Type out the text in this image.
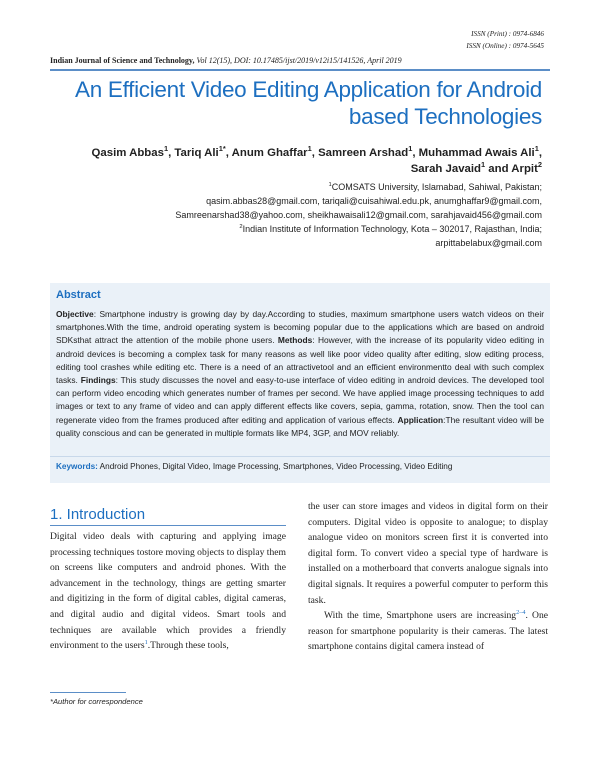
ISSN (Print) : 0974-6846
ISSN (Online) : 0974-5645
Indian Journal of Science and Technology, Vol 12(15), DOI: 10.17485/ijst/2019/v12i15/141526, April 2019
An Efficient Video Editing Application for Android
based Technologies
Qasim Abbas$^1$, Tariq Ali$^{1*}$, Anum Ghaffar$^1$, Samreen Arshad$^1$, Muhammad Awais Ali$^1$,
Sarah Javaid$^1$ and Arpit$^2$
$^1$COMSATS University, Islamabad, Sahiwal, Pakistan;
qasim.abbas28@gmail.com, tariqali@cuisahiwal.edu.pk, anumghaffar9@gmail.com,
Samreenarshad38@yahoo.com, sheikhawaisali12@gmail.com, sarahjavaid456@gmail.com
$^2$Indian Institute of Information Technology, Kota – 302017, Rajasthan, India;
arpittabelabux@gmail.com
Abstract
Objective: Smartphone industry is growing day by day.According to studies, maximum smartphone users watch videos on their smartphones.With the time, android operating system is becoming popular due to the applications which are based on android SDKsthat attract the attention of the mobile phone users. Methods: However, with the increase of its popularity video editing in android devices is becoming a complex task for many reasons as well like poor video quality after editing, slow editing process, editing tool crashes while editing etc. There is a need of an attractivetool and an efficient environmentto deal with such complex tasks. Findings: This study discusses the novel and easy-to-use interface of video editing in android devices. The developed tool can perform video encoding which generates number of frames per second. We have applied image processing techniques to add images or text to any frame of video and can apply different effects like covers, sepia, gamma, rotation, snow. Then the tool can regenerate video from the frames produced after editing and application of various effects. Application:The resultant video will be quality conscious and can be generated in multiple formats like MP4, 3GP, and MOV reliably.
Keywords: Android Phones, Digital Video, Image Processing, Smartphones, Video Processing, Video Editing
1. Introduction
Digital video deals with capturing and applying image processing techniques tostore moving objects to display them on screens like computers and android phones. With the advancement in the technology, things are getting smarter and digitizing in the form of digital cables, digital cameras, and digital audio and digital videos. Smart tools and techniques are available which provides a friendly environment to the users$^1$.Through these tools,
the user can store images and videos in digital form on their computers. Digital video is opposite to analogue; to display analogue video on monitors screen first it is converted into digital form. To convert video a special type of hardware is installed on a motherboard that converts analogue signals into digital signals. It requires a powerful computer to perform this task.
With the time, Smartphone users are increasing$^{2-4}$. One reason for smartphone popularity is their cameras. The latest smartphone contains digital camera instead of
*Author for correspondence
